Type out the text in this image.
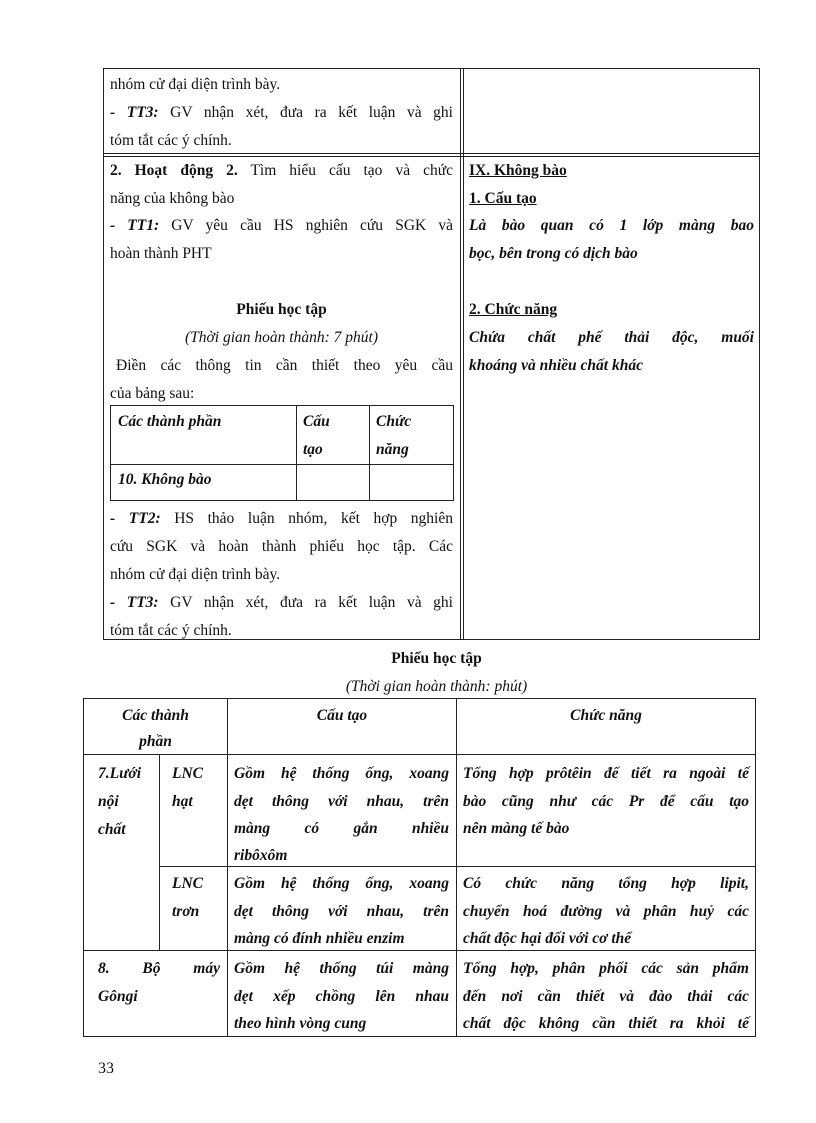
nhóm cử đại diện trình bày.
- TT3: GV nhận xét, đưa ra kết luận và ghi
tóm tắt các ý chính.
2. Hoạt động 2. Tìm hiểu cấu tạo và chức
năng của không bào
- TT1: GV yêu cầu HS nghiên cứu SGK và
hoàn thành PHT
Phiếu học tập
(Thời gian hoàn thành: 7 phút)
Điền các thông tin cần thiết theo yêu cầu
của bảng sau:
Các thành phần	Cấu
tạo
Chức
năng
10. Không bào
- TT2: HS thảo luận nhóm, kết hợp nghiên
cứu SGK và hoàn thành phiếu học tập. Các
nhóm cử đại diện trình bày.
- TT3: GV nhận xét, đưa ra kết luận và ghi
tóm tắt các ý chính.
IX. Không bào
1. Cấu tạo
Là bào quan có 1 lớp màng bao
bọc, bên trong có dịch bào
2. Chức năng
Chứa chất phế thải độc, muối
khoáng và nhiều chất khác
Phiếu học tập
(Thời gian hoàn thành: phút)
Các thành
phần
Cấu tạo	Chức năng
7.Lưới
nội
chất
LNC
hạt
Gồm hệ thống ống, xoang
dẹt thông với nhau, trên
màng có gắn nhiều
ribôxôm
Tổng hợp prôtêin để tiết ra ngoài tế
bào cũng như các Pr để cấu tạo
nên màng tế bào
LNC
trơn
Gồm hệ thống ống, xoang
dẹt thông với nhau, trên
màng có đính nhiều enzim
Có chức năng tổng hợp lipit,
chuyển hoá đường và phân huỷ các
chất độc hại đối với cơ thể
8. Bộ máy
Gôngi
Gồm hệ thống túi màng
dẹt xếp chồng lên nhau
theo hình vòng cung
Tổng hợp, phân phối các sản phẩm
đến nơi cần thiết và đào thải các
chất độc không cần thiết ra khỏi tế
33
